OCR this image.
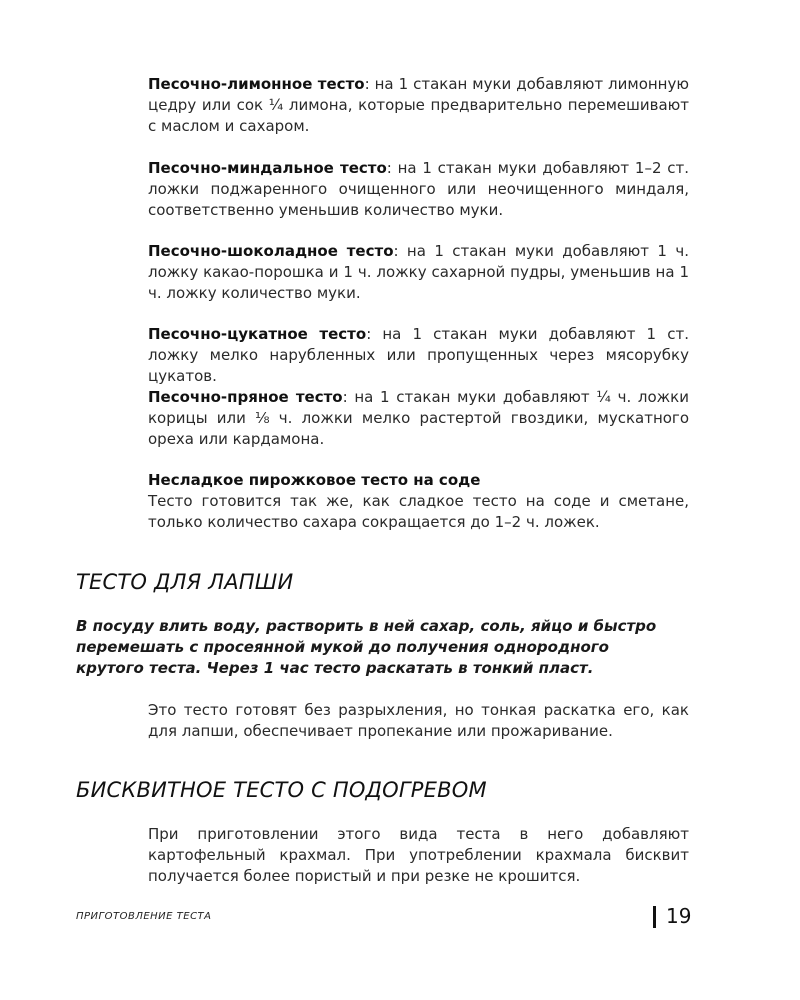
Песочно-лимонное тесто: на 1 стакан муки добавляют лимонную цедру или сок ¼ лимона, которые предварительно перемешивают с маслом и сахаром.

Песочно-миндальное тесто: на 1 стакан муки добавляют 1–2 ст. ложки поджаренного очищенного или неочищенного миндаля, соответственно уменьшив количество муки.

Песочно-шоколадное тесто: на 1 стакан муки добавляют 1 ч. ложку какао-порошка и 1 ч. ложку сахарной пудры, уменьшив на 1 ч. ложку количество муки.

Песочно-цукатное тесто: на 1 стакан муки добавляют 1 ст. ложку мелко нарубленных или пропущенных через мясорубку цукатов.

Песочно-пряное тесто: на 1 стакан муки добавляют ¼ ч. ложки корицы или ⅛ ч. ложки мелко растертой гвоздики, мускатного ореха или кардамона.

Несладкое пирожковое тесто на соде
Тесто готовится так же, как сладкое тесто на соде и сметане, только количество сахара сокращается до 1–2 ч. ложек.
ТЕСТО ДЛЯ ЛАПШИ

В посуду влить воду, растворить в ней сахар, соль, яйцо и быстро перемешать с просеянной мукой до получения однородного крутого теста. Через 1 час тесто раскатать в тонкий пласт.

Это тесто готовят без разрыхления, но тонкая раскатка его, как для лапши, обеспечивает пропекание или прожаривание.

БИСКВИТНОЕ ТЕСТО С ПОДОГРЕВОМ

При приготовлении этого вида теста в него добавляют картофельный крахмал. При употреблении крахмала бисквит получается более пористый и при резке не крошится.

ПРИГОТОВЛЕНИЕ ТЕСТА	19
